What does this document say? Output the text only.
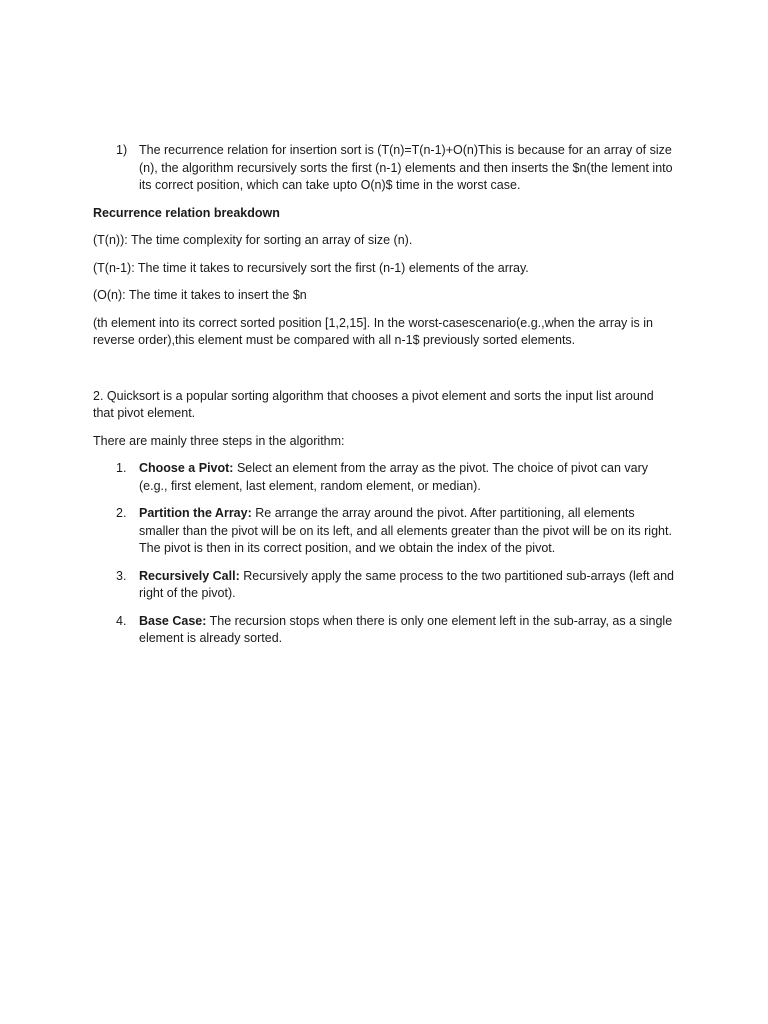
1) The recurrence relation for insertion sort is (T(n)=T(n-1)+O(n)This is because for an array of size (n), the algorithm recursively sorts the first (n-1) elements and then inserts the $n(the lement into its correct position, which can take upto O(n)$ time in the worst case.

Recurrence relation breakdown

(T(n)): The time complexity for sorting an array of size (n).

(T(n-1): The time it takes to recursively sort the first (n-1) elements of the array.

(O(n): The time it takes to insert the $n

(th element into its correct sorted position [1,2,15]. In the worst-casescenario(e.g.,when the array is in reverse order),this element must be compared with all n-1$ previously sorted elements.

2. Quicksort is a popular sorting algorithm that chooses a pivot element and sorts the input list around that pivot element.

There are mainly three steps in the algorithm:

1. Choose a Pivot: Select an element from the array as the pivot. The choice of pivot can vary (e.g., first element, last element, random element, or median).

2. Partition the Array: Re arrange the array around the pivot. After partitioning, all elements smaller than the pivot will be on its left, and all elements greater than the pivot will be on its right. The pivot is then in its correct position, and we obtain the index of the pivot.

3. Recursively Call: Recursively apply the same process to the two partitioned sub-arrays (left and right of the pivot).

4. Base Case: The recursion stops when there is only one element left in the sub-array, as a single element is already sorted.
